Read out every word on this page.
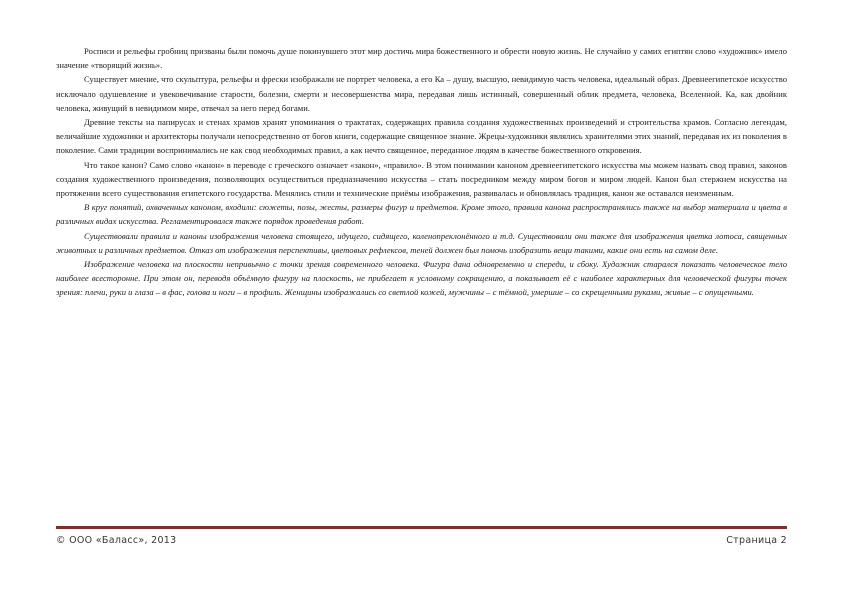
Росписи и рельефы гробниц призваны были помочь душе покинувшего этот мир достичь мира божественного и обрести новую жизнь. Не случайно у самих египтян слово «художник» имело значение «творящий жизнь».

Существует мнение, что скульптура, рельефы и фрески изображали не портрет человека, а его Ка – душу, высшую, невидимую часть человека, идеальный образ. Древнеегипетское искусство исключало одушевление и увековечивание старости, болезни, смерти и несовершенства мира, передавая лишь истинный, совершенный облик предмета, человека, Вселенной. Ка, как двойник человека, живущий в невидимом мире, отвечал за него перед богами.

Древние тексты на папирусах и стенах храмов хранят упоминания о трактатах, содержащих правила создания художественных произведений и строительства храмов. Согласно легендам, величайшие художники и архитекторы получали непосредственно от богов книги, содержащие священное знание. Жрецы-художники являлись хранителями этих знаний, передавая их из поколения в поколение. Сами традиции воспринимались не как свод необходимых правил, а как нечто священное, переданное людям в качестве божественного откровения.

Что такое канон? Само слово «канон» в переводе с греческого означает «закон», «правило». В этом понимании каноном древнеегипетского искусства мы можем назвать свод правил, законов создания художественного произведения, позволяющих осуществиться предназначению искусства – стать посредником между миром богов и миром людей. Канон был стержнем искусства на протяжении всего существования египетского государства. Менялись стили и технические приёмы изображения, развивалась и обновлялась традиция, канон же оставался неизменным.

В круг понятий, охваченных каноном, входили: сюжеты, позы, жесты, размеры фигур и предметов. Кроме этого, правила канона распространялись также на выбор материала и цвета в различных видах искусства. Регламентировался также порядок проведения работ.

Существовали правила и каноны изображения человека стоящего, идущего, сидящего, коленопреклонённого и т.д. Существовали они также для изображения цветка лотоса, священных животных и различных предметов. Отказ от изображения перспективы, цветовых рефлексов, теней должен был помочь изобразить вещи такими, какие они есть на самом деле.

Изображение человека на плоскости непривычно с точки зрения современного человека. Фигура дана одновременно и спереди, и сбоку. Художник старался показать человеческое тело наиболее всесторонне. При этом он, переводя объёмную фигуру на плоскость, не прибегает к условному сокращению, а показывает её с наиболее характерных для человеческой фигуры точек зрения: плечи, руки и глаза – в фас, голова и ноги – в профиль. Женщины изображались со светлой кожей, мужчины – с тёмной, умершие – со скрещенными руками, живые – с опущенными.

© ООО «Баласс», 2013	Страница 2
